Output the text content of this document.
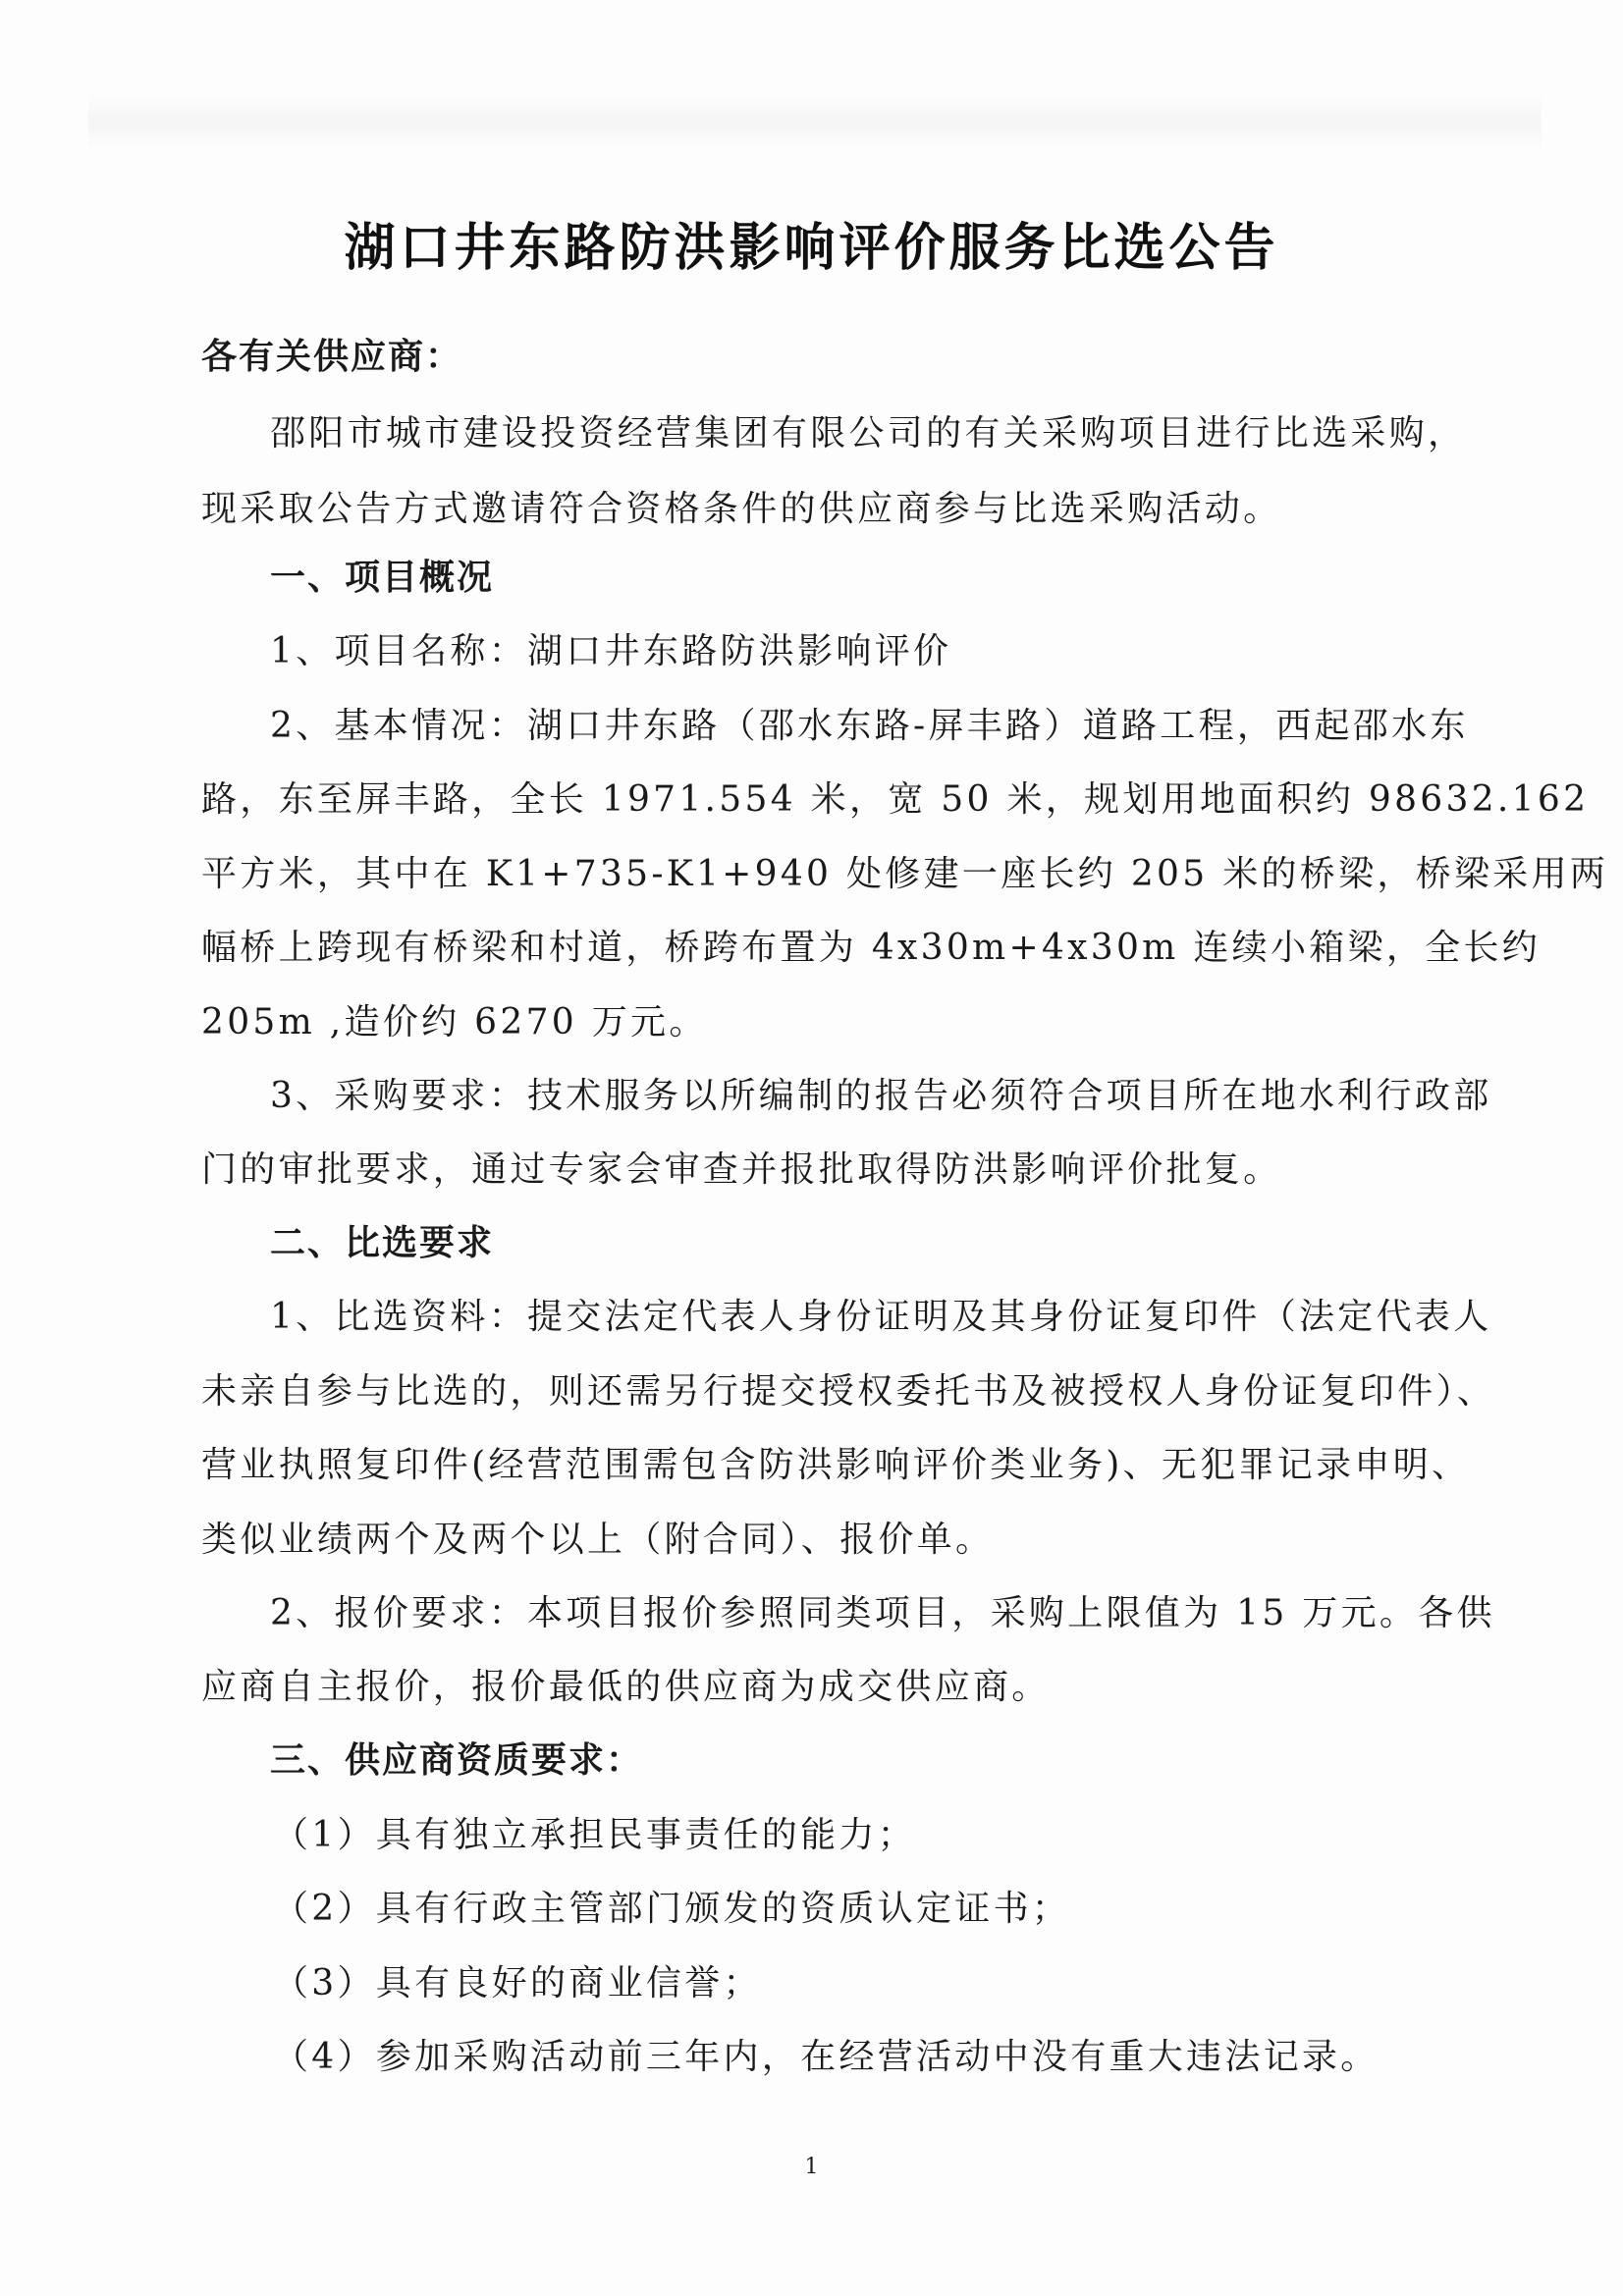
湖口井东路防洪影响评价服务比选公告
各有关供应商：
邵阳市城市建设投资经营集团有限公司的有关采购项目进行比选采购，
现采取公告方式邀请符合资格条件的供应商参与比选采购活动。
一、项目概况
1、项目名称：湖口井东路防洪影响评价
2、基本情况：湖口井东路（邵水东路-屏丰路）道路工程，西起邵水东
路，东至屏丰路，全长 1971.554 米，宽 50 米，规划用地面积约 98632.162
平方米，其中在 K1+735-K1+940 处修建一座长约 205 米的桥梁，桥梁采用两
幅桥上跨现有桥梁和村道，桥跨布置为 4x30m+4x30m 连续小箱梁，全长约
205m ,造价约 6270 万元。
3、采购要求：技术服务以所编制的报告必须符合项目所在地水利行政部
门的审批要求，通过专家会审查并报批取得防洪影响评价批复。
二、比选要求
1、比选资料：提交法定代表人身份证明及其身份证复印件（法定代表人
未亲自参与比选的，则还需另行提交授权委托书及被授权人身份证复印件）、
营业执照复印件(经营范围需包含防洪影响评价类业务)、无犯罪记录申明、
类似业绩两个及两个以上（附合同）、报价单。
2、报价要求：本项目报价参照同类项目，采购上限值为 15 万元。各供
应商自主报价，报价最低的供应商为成交供应商。
三、供应商资质要求：
（1）具有独立承担民事责任的能力；
（2）具有行政主管部门颁发的资质认定证书；
（3）具有良好的商业信誉；
（4）参加采购活动前三年内，在经营活动中没有重大违法记录。
1
